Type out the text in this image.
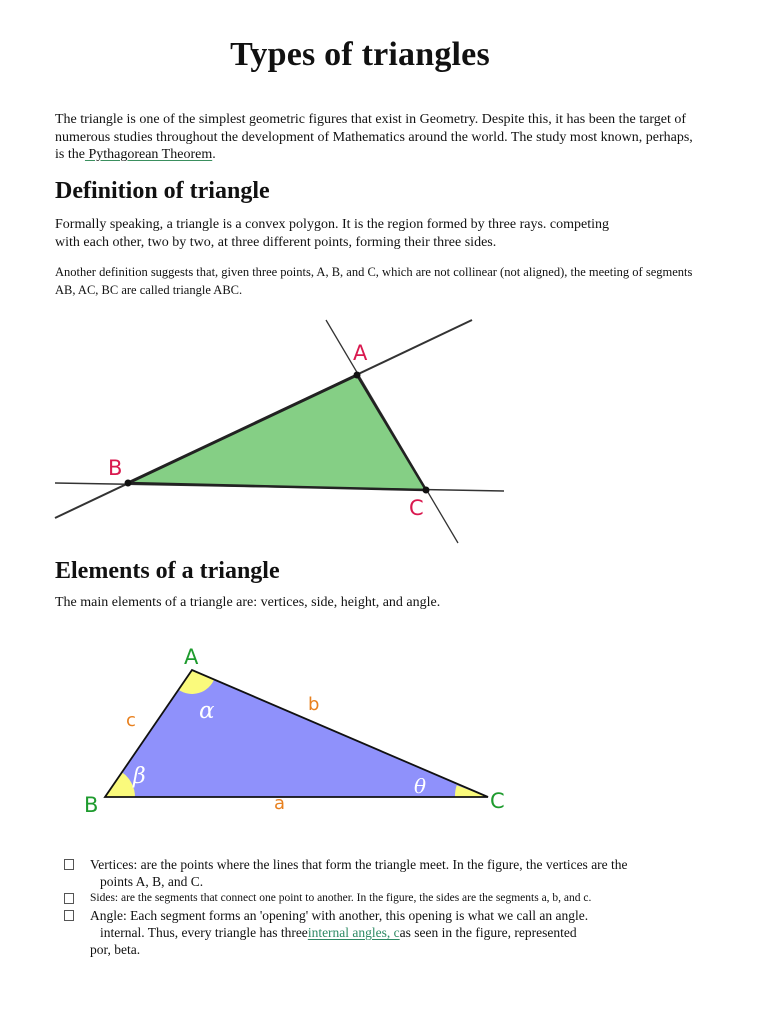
Types of triangles

The triangle is one of the simplest geometric figures that exist in Geometry. Despite this, it has been the target of numerous studies throughout the development of Mathematics around the world. The study most known, perhaps, is the Pythagorean Theorem.

Definition of triangle

Formally speaking, a triangle is a convex polygon. It is the region formed by three rays. competing with each other, two by two, at three different points, forming their three sides.

Another definition suggests that, given three points, A, B, and C, which are not collinear (not aligned), the meeting of segments AB, AC, BC are called triangle ABC.

A
B
C
Elements of a triangle

The main elements of a triangle are: vertices, side, height, and angle.

A
B	C
c
b
a
α
β	θ
Vertices: are the points where the lines that form the triangle meet. In the figure, the vertices are the
points A, B, and C.
Sides: are the segments that connect one point to another. In the figure, the sides are the segments a, b, and c.
Angle: Each segment forms an 'opening' with another, this opening is what we call an angle.
internal. Thus, every triangle has threeinternal angles, cas seen in the figure, represented
por, beta.
